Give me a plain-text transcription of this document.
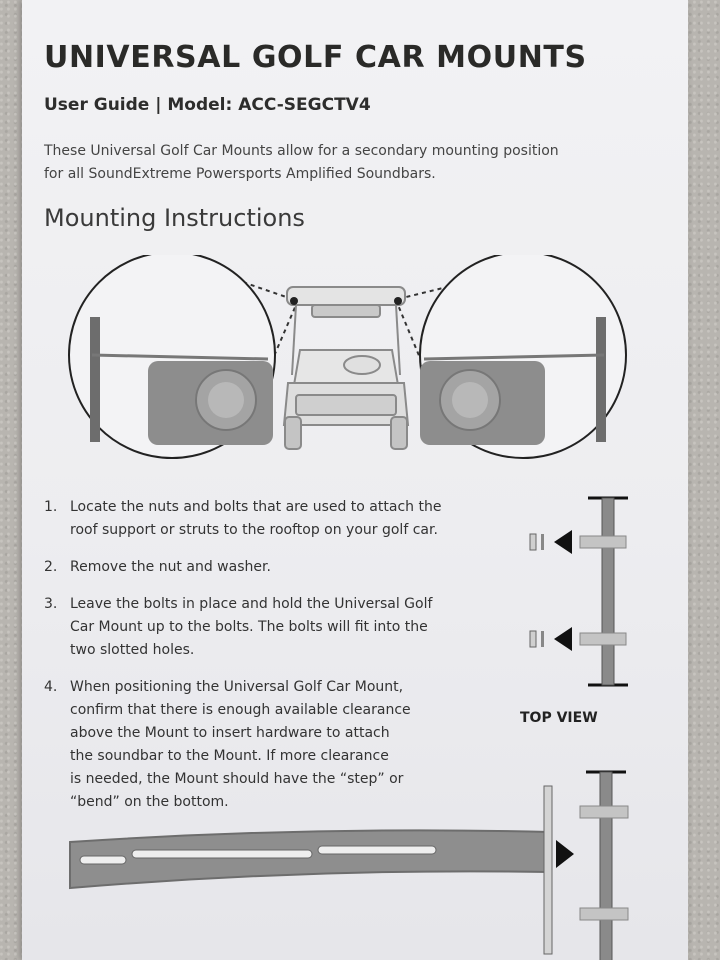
UNIVERSAL GOLF CAR MOUNTS
User Guide | Model: ACC-SEGCTV4

These Universal Golf Car Mounts allow for a secondary mounting position
for all SoundExtreme Powersports Amplified Soundbars.

Mounting Instructions
1. Locate the nuts and bolts that are used to attach the
roof support or struts to the rooftop on your golf car.
2. Remove the nut and washer.
3. Leave the bolts in place and hold the Universal Golf
Car Mount up to the bolts. The bolts will fit into the
two slotted holes.
4. When positioning the Universal Golf Car Mount,
confirm that there is enough available clearance
above the Mount to insert hardware to attach
the soundbar to the Mount. If more clearance
is needed, the Mount should have the “step” or
“bend” on the bottom.
TOP VIEW
